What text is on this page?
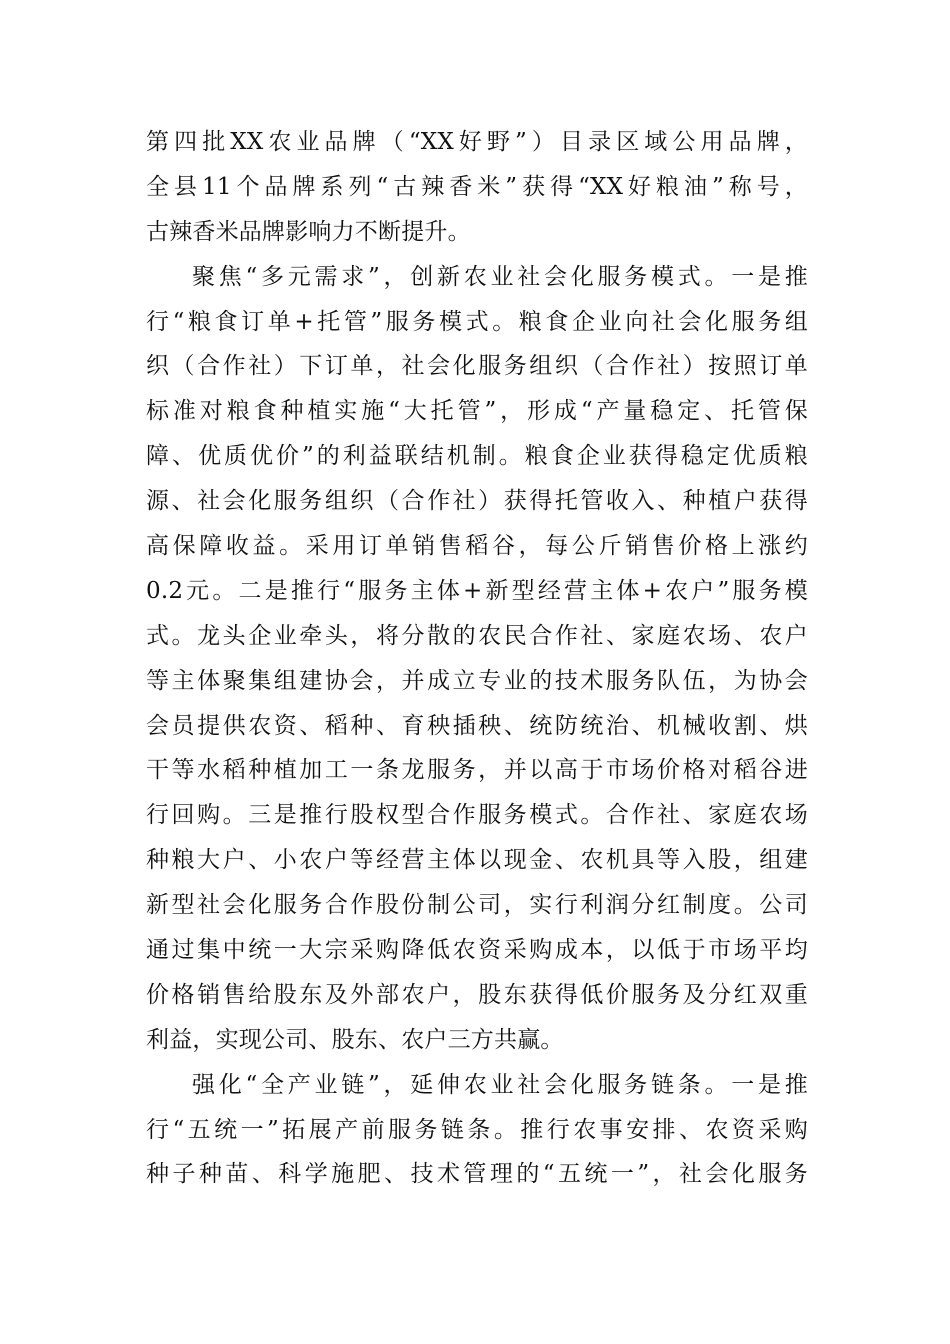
第四批XX农业品牌（“XX好野”）目录区域公用品牌，
全县11个品牌系列“古辣香米”获得“XX好粮油”称号，
古辣香米品牌影响力不断提升。
聚焦“多元需求”，创新农业社会化服务模式。一是推
行“粮食订单+托管”服务模式。粮食企业向社会化服务组
织（合作社）下订单，社会化服务组织（合作社）按照订单
标准对粮食种植实施“大托管”，形成“产量稳定、托管保
障、优质优价”的利益联结机制。粮食企业获得稳定优质粮
源、社会化服务组织（合作社）获得托管收入、种植户获得
高保障收益。采用订单销售稻谷，每公斤销售价格上涨约
0.2元。二是推行“服务主体+新型经营主体+农户”服务模
式。龙头企业牵头，将分散的农民合作社、家庭农场、农户
等主体聚集组建协会，并成立专业的技术服务队伍，为协会
会员提供农资、稻种、育秧插秧、统防统治、机械收割、烘
干等水稻种植加工一条龙服务，并以高于市场价格对稻谷进
行回购。三是推行股权型合作服务模式。合作社、家庭农场
种粮大户、小农户等经营主体以现金、农机具等入股，组建
新型社会化服务合作股份制公司，实行利润分红制度。公司
通过集中统一大宗采购降低农资采购成本，以低于市场平均
价格销售给股东及外部农户，股东获得低价服务及分红双重
利益，实现公司、股东、农户三方共赢。
强化“全产业链”，延伸农业社会化服务链条。一是推
行“五统一”拓展产前服务链条。推行农事安排、农资采购
种子种苗、科学施肥、技术管理的“五统一”，社会化服务
